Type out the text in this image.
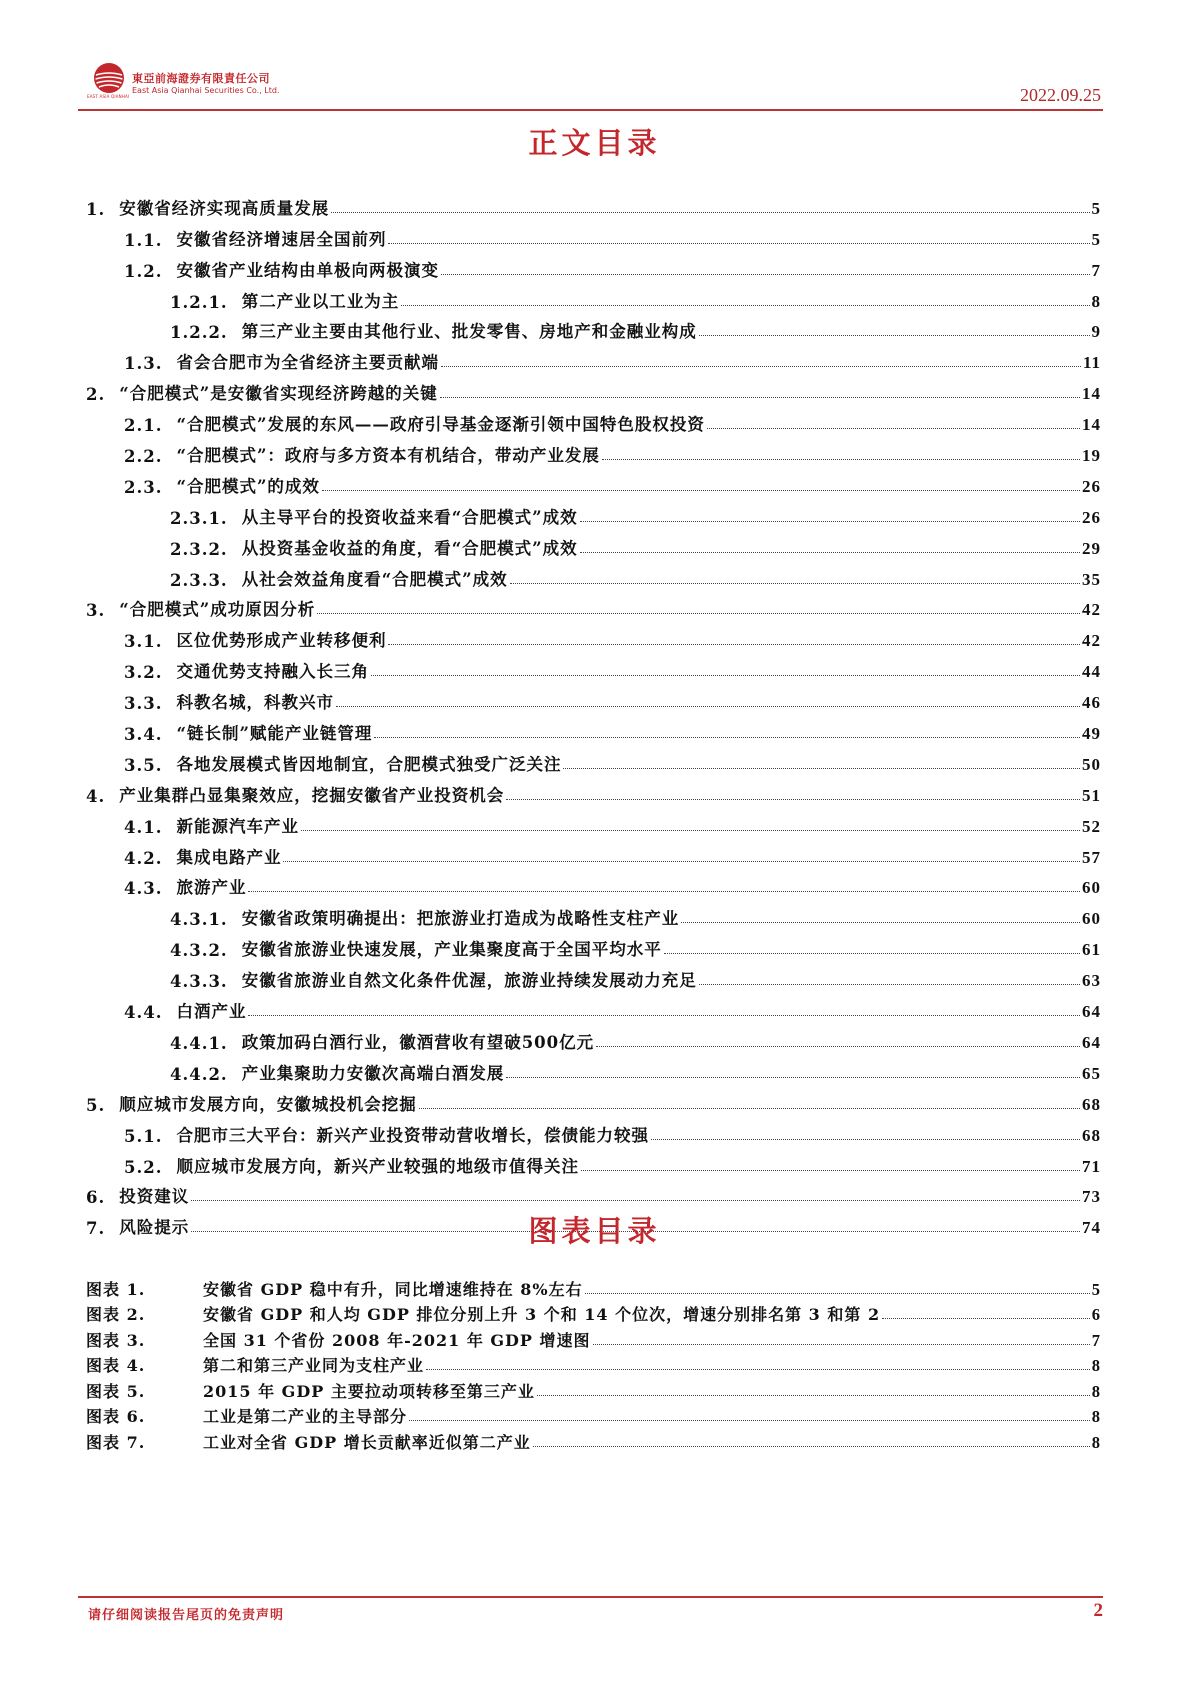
EAST ASIA QIANHAI
東亞前海證券有限責任公司
East Asia Qianhai Securities Co., Ltd.	2022.09.25
正文目录
1. 安徽省经济实现高质量发展	5
1.1. 安徽省经济增速居全国前列	5
1.2. 安徽省产业结构由单极向两极演变	7
1.2.1. 第二产业以工业为主	8
1.2.2. 第三产业主要由其他行业、批发零售、房地产和金融业构成	9
1.3. 省会合肥市为全省经济主要贡献端	11
2. “合肥模式”是安徽省实现经济跨越的关键	14
2.1. “合肥模式”发展的东风——政府引导基金逐渐引领中国特色股权投资	14
2.2. “合肥模式”：政府与多方资本有机结合，带动产业发展	19
2.3. “合肥模式”的成效	26
2.3.1. 从主导平台的投资收益来看“合肥模式”成效	26
2.3.2. 从投资基金收益的角度，看“合肥模式”成效	29
2.3.3. 从社会效益角度看“合肥模式”成效	35
3. “合肥模式”成功原因分析	42
3.1. 区位优势形成产业转移便利	42
3.2. 交通优势支持融入长三角	44
3.3. 科教名城，科教兴市	46
3.4. “链长制”赋能产业链管理	49
3.5. 各地发展模式皆因地制宜，合肥模式独受广泛关注	50
4. 产业集群凸显集聚效应，挖掘安徽省产业投资机会	51
4.1. 新能源汽车产业	52
4.2. 集成电路产业	57
4.3. 旅游产业	60
4.3.1. 安徽省政策明确提出：把旅游业打造成为战略性支柱产业	60
4.3.2. 安徽省旅游业快速发展，产业集聚度高于全国平均水平	61
4.3.3. 安徽省旅游业自然文化条件优渥，旅游业持续发展动力充足	63
4.4. 白酒产业	64
4.4.1. 政策加码白酒行业，徽酒营收有望破500亿元	64
4.4.2. 产业集聚助力安徽次高端白酒发展	65
5. 顺应城市发展方向，安徽城投机会挖掘	68
5.1. 合肥市三大平台：新兴产业投资带动营收增长，偿债能力较强	68
5.2. 顺应城市发展方向，新兴产业较强的地级市值得关注	71
6. 投资建议	73
7. 风险提示	74
图表目录
图表 1.	安徽省 GDP 稳中有升，同比增速维持在 8%左右	5
图表 2.	安徽省 GDP 和人均 GDP 排位分别上升 3 个和 14 个位次，增速分别排名第 3 和第 2	6
图表 3.	全国 31 个省份 2008 年-2021 年 GDP 增速图	7
图表 4.	第二和第三产业同为支柱产业	8
图表 5.	2015 年 GDP 主要拉动项转移至第三产业	8
图表 6.	工业是第二产业的主导部分	8
图表 7.	工业对全省 GDP 增长贡献率近似第二产业	8
请仔细阅读报告尾页的免责声明	2
